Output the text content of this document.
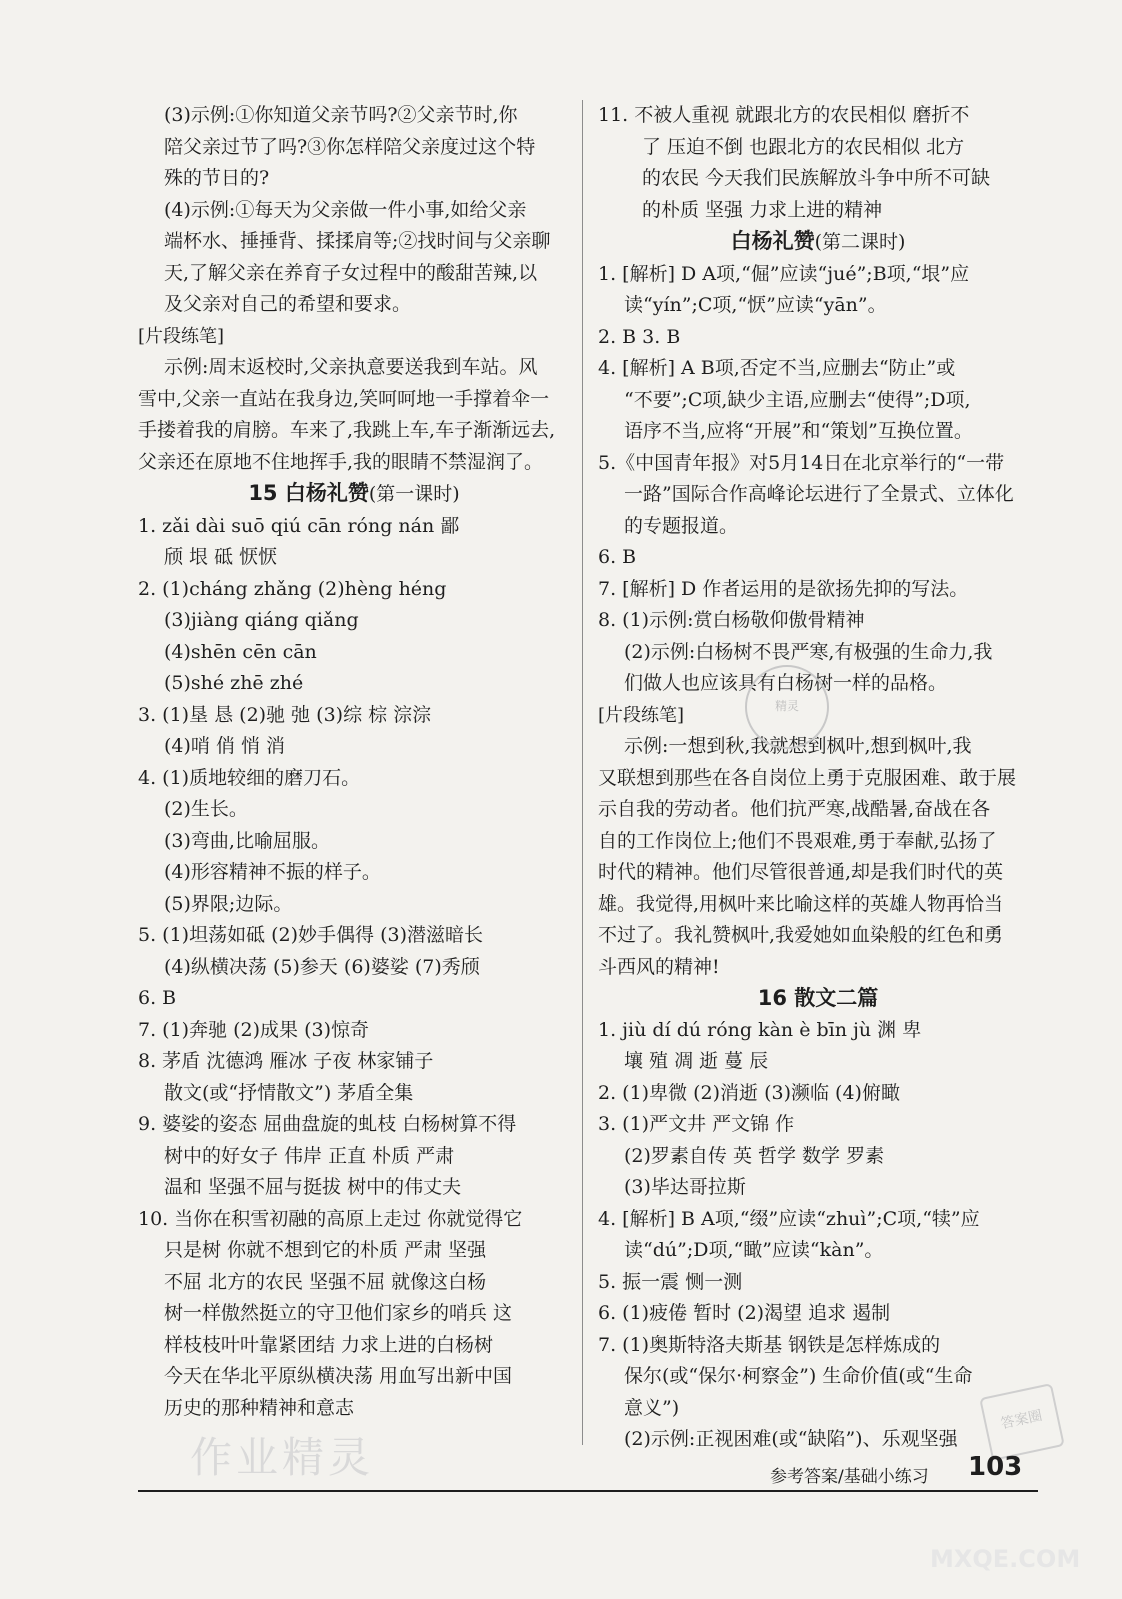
(3)示例:①你知道父亲节吗?②父亲节时,你
陪父亲过节了吗?③你怎样陪父亲度过这个特
殊的节日的?
(4)示例:①每天为父亲做一件小事,如给父亲
端杯水、捶捶背、揉揉肩等;②找时间与父亲聊
天,了解父亲在养育子女过程中的酸甜苦辣,以
及父亲对自己的希望和要求。
[片段练笔]
示例:周末返校时,父亲执意要送我到车站。风
雪中,父亲一直站在我身边,笑呵呵地一手撑着伞一
手搂着我的肩膀。车来了,我跳上车,车子渐渐远去,
父亲还在原地不住地挥手,我的眼睛不禁湿润了。
15 白杨礼赞(第一课时)
1. zǎi dài suō qiú cān róng nán 鄙
颀 垠 砥 恹恹
2. (1)cháng zhǎng (2)hèng héng
(3)jiàng qiáng qiǎng
(4)shēn cēn cān
(5)shé zhē zhé
3. (1)垦 恳 (2)驰 弛 (3)综 棕 淙淙
(4)哨 俏 悄 消
4. (1)质地较细的磨刀石。
(2)生长。
(3)弯曲,比喻屈服。
(4)形容精神不振的样子。
(5)界限;边际。
5. (1)坦荡如砥 (2)妙手偶得 (3)潜滋暗长
(4)纵横决荡 (5)参天 (6)婆娑 (7)秀颀
6. B
7. (1)奔驰 (2)成果 (3)惊奇
8. 茅盾 沈德鸿 雁冰 子夜 林家铺子
散文(或“抒情散文”) 茅盾全集
9. 婆娑的姿态 屈曲盘旋的虬枝 白杨树算不得
树中的好女子 伟岸 正直 朴质 严肃
温和 坚强不屈与挺拔 树中的伟丈夫
10. 当你在积雪初融的高原上走过 你就觉得它
只是树 你就不想到它的朴质 严肃 坚强
不屈 北方的农民 坚强不屈 就像这白杨
树一样傲然挺立的守卫他们家乡的哨兵 这
样枝枝叶叶靠紧团结 力求上进的白杨树
今天在华北平原纵横决荡 用血写出新中国
历史的那种精神和意志
11. 不被人重视 就跟北方的农民相似 磨折不
了 压迫不倒 也跟北方的农民相似 北方
的农民 今天我们民族解放斗争中所不可缺
的朴质 坚强 力求上进的精神
白杨礼赞(第二课时)
1. [解析] D A项,“倔”应读“jué”;B项,“垠”应
读“yín”;C项,“恹”应读“yān”。
2. B 3. B
4. [解析] A B项,否定不当,应删去“防止”或
“不要”;C项,缺少主语,应删去“使得”;D项,
语序不当,应将“开展”和“策划”互换位置。
5.《中国青年报》对5月14日在北京举行的“一带
一路”国际合作高峰论坛进行了全景式、立体化
的专题报道。
6. B
7. [解析] D 作者运用的是欲扬先抑的写法。
8. (1)示例:赏白杨敬仰傲骨精神
(2)示例:白杨树不畏严寒,有极强的生命力,我
们做人也应该具有白杨树一样的品格。
[片段练笔]
示例:一想到秋,我就想到枫叶,想到枫叶,我
又联想到那些在各自岗位上勇于克服困难、敢于展
示自我的劳动者。他们抗严寒,战酷暑,奋战在各
自的工作岗位上;他们不畏艰难,勇于奉献,弘扬了
时代的精神。他们尽管很普通,却是我们时代的英
雄。我觉得,用枫叶来比喻这样的英雄人物再恰当
不过了。我礼赞枫叶,我爱她如血染般的红色和勇
斗西风的精神!
16 散文二篇
1. jiù dí dú róng kàn è bīn jù 渊 卑
壤 殖 凋 逝 蔓 辰
2. (1)卑微 (2)消逝 (3)濒临 (4)俯瞰
3. (1)严文井 严文锦 作
(2)罗素自传 英 哲学 数学 罗素
(3)毕达哥拉斯
4. [解析] B A项,“缀”应读“zhuì”;C项,“犊”应
读“dú”;D项,“瞰”应读“kàn”。
5. 振一震 恻一测
6. (1)疲倦 暂时 (2)渴望 追求 遏制
7. (1)奥斯特洛夫斯基 钢铁是怎样炼成的
保尔(或“保尔·柯察金”) 生命价值(或“生命
意义”)
(2)示例:正视困难(或“缺陷”)、乐观坚强
作业精灵
精灵
答案圈
MXQE.COM
参考答案/基础小练习 103
